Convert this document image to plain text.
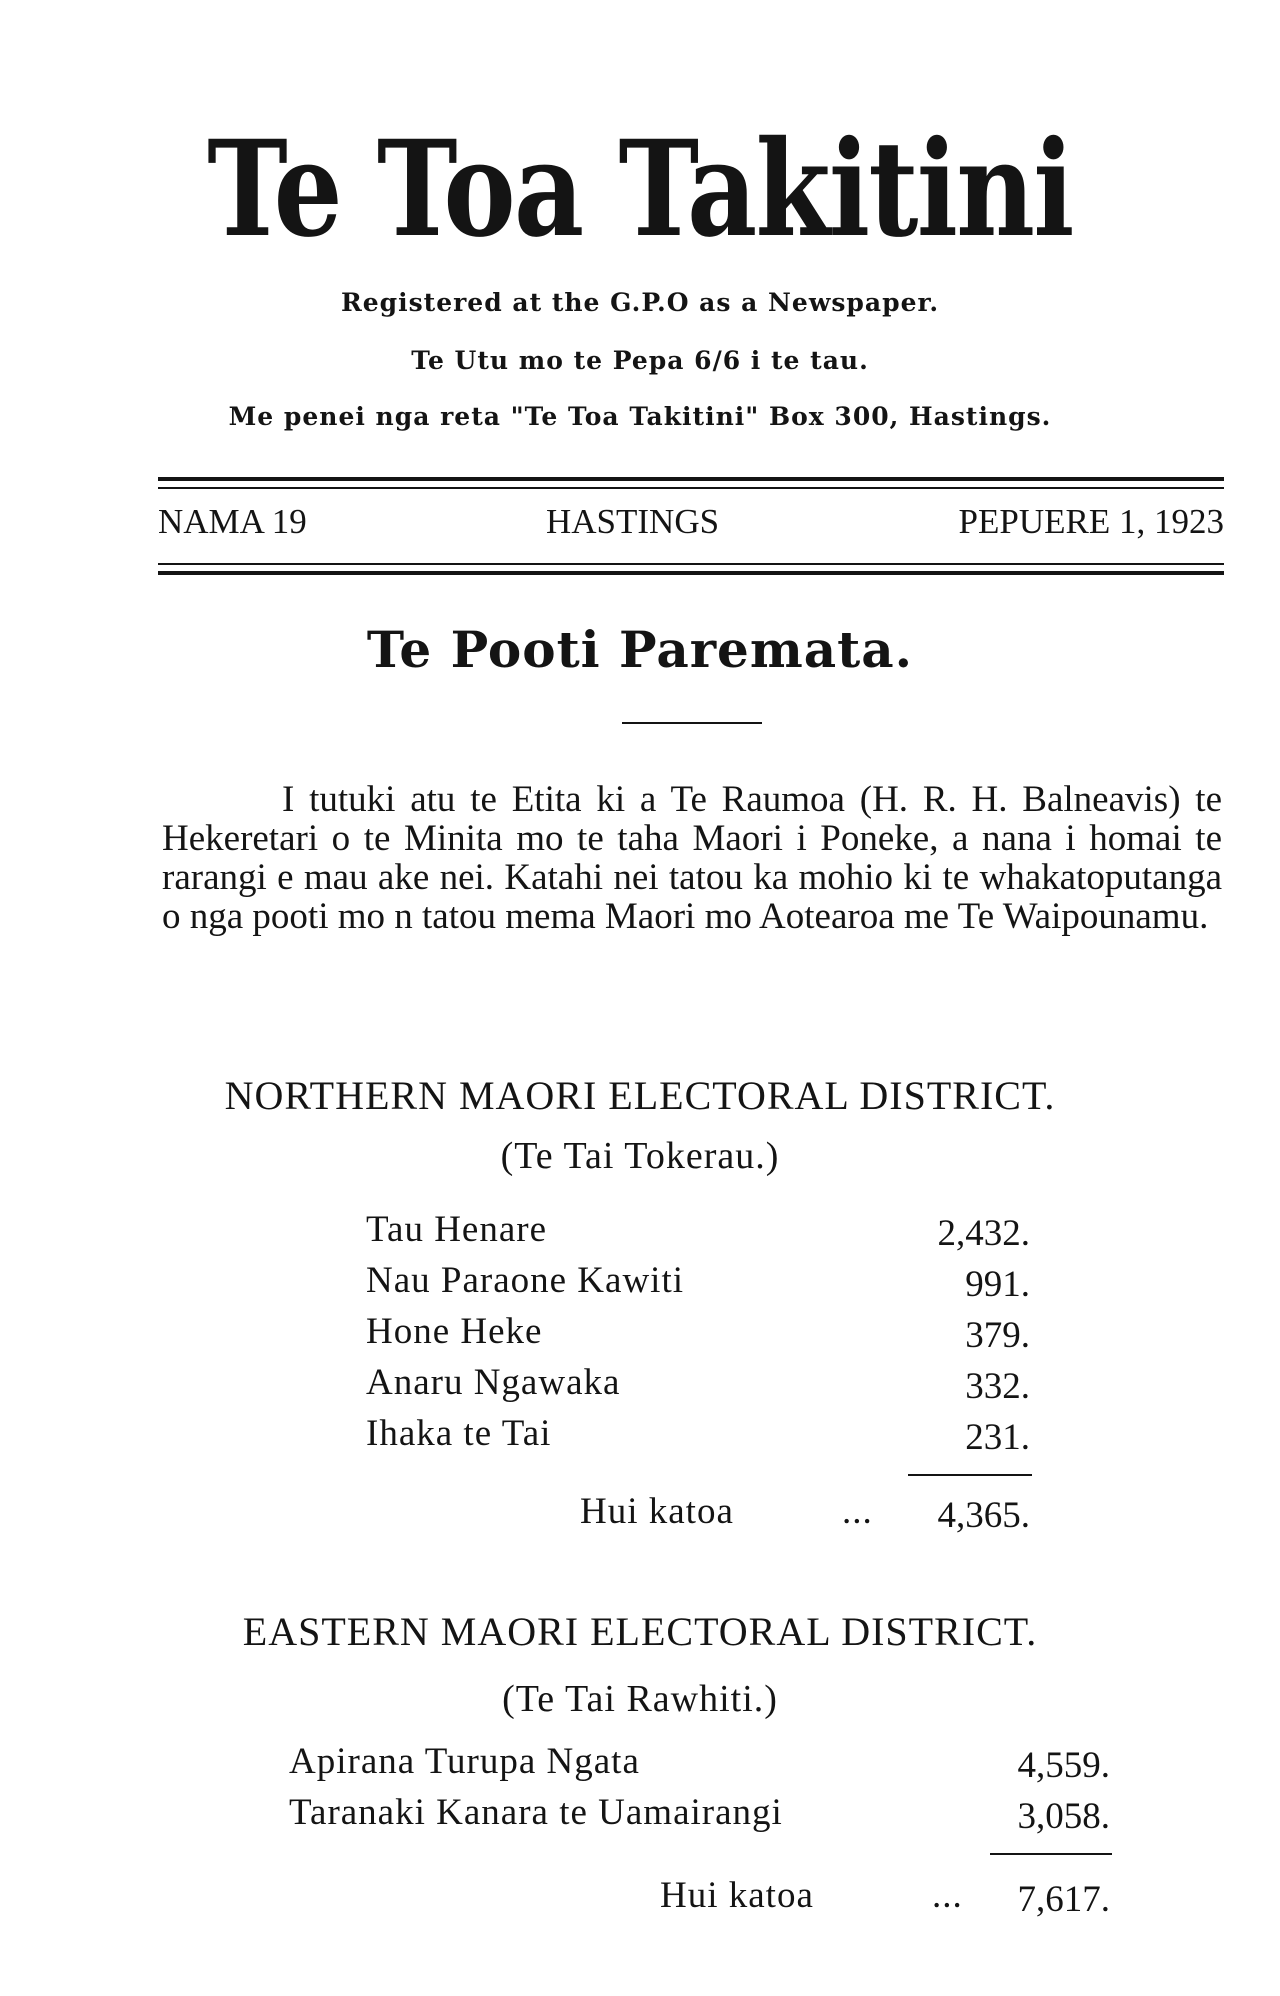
Te Toa Takitini
Registered at the G.P.O as a Newspaper.
Te Utu mo te Pepa 6/6 i te tau.
Me penei nga reta "Te Toa Takitini" Box 300, Hastings.
NAMA 19	HASTINGS	PEPUERE 1, 1923
Te Pooti Paremata.
I tutuki atu te Etita ki a Te Raumoa (H. R. H. Balneavis) te Hekeretari o te Minita mo te taha Maori i Poneke, a nana i homai te rarangi e mau ake nei. Katahi nei tatou ka mohio ki te whakatoputanga o nga pooti mo n tatou mema Maori mo Aotearoa me Te Waipounamu.
NORTHERN MAORI ELECTORAL DISTRICT.
(Te Tai Tokerau.)
Tau Henare	2,432.
Nau Paraone Kawiti	991.
Hone Heke	379.
Anaru Ngawaka	332.
Ihaka te Tai	231.
Hui katoa	...	4,365.
EASTERN MAORI ELECTORAL DISTRICT.
(Te Tai Rawhiti.)
Apirana Turupa Ngata	4,559.
Taranaki Kanara te Uamairangi	3,058.
Hui katoa	...	7,617.
